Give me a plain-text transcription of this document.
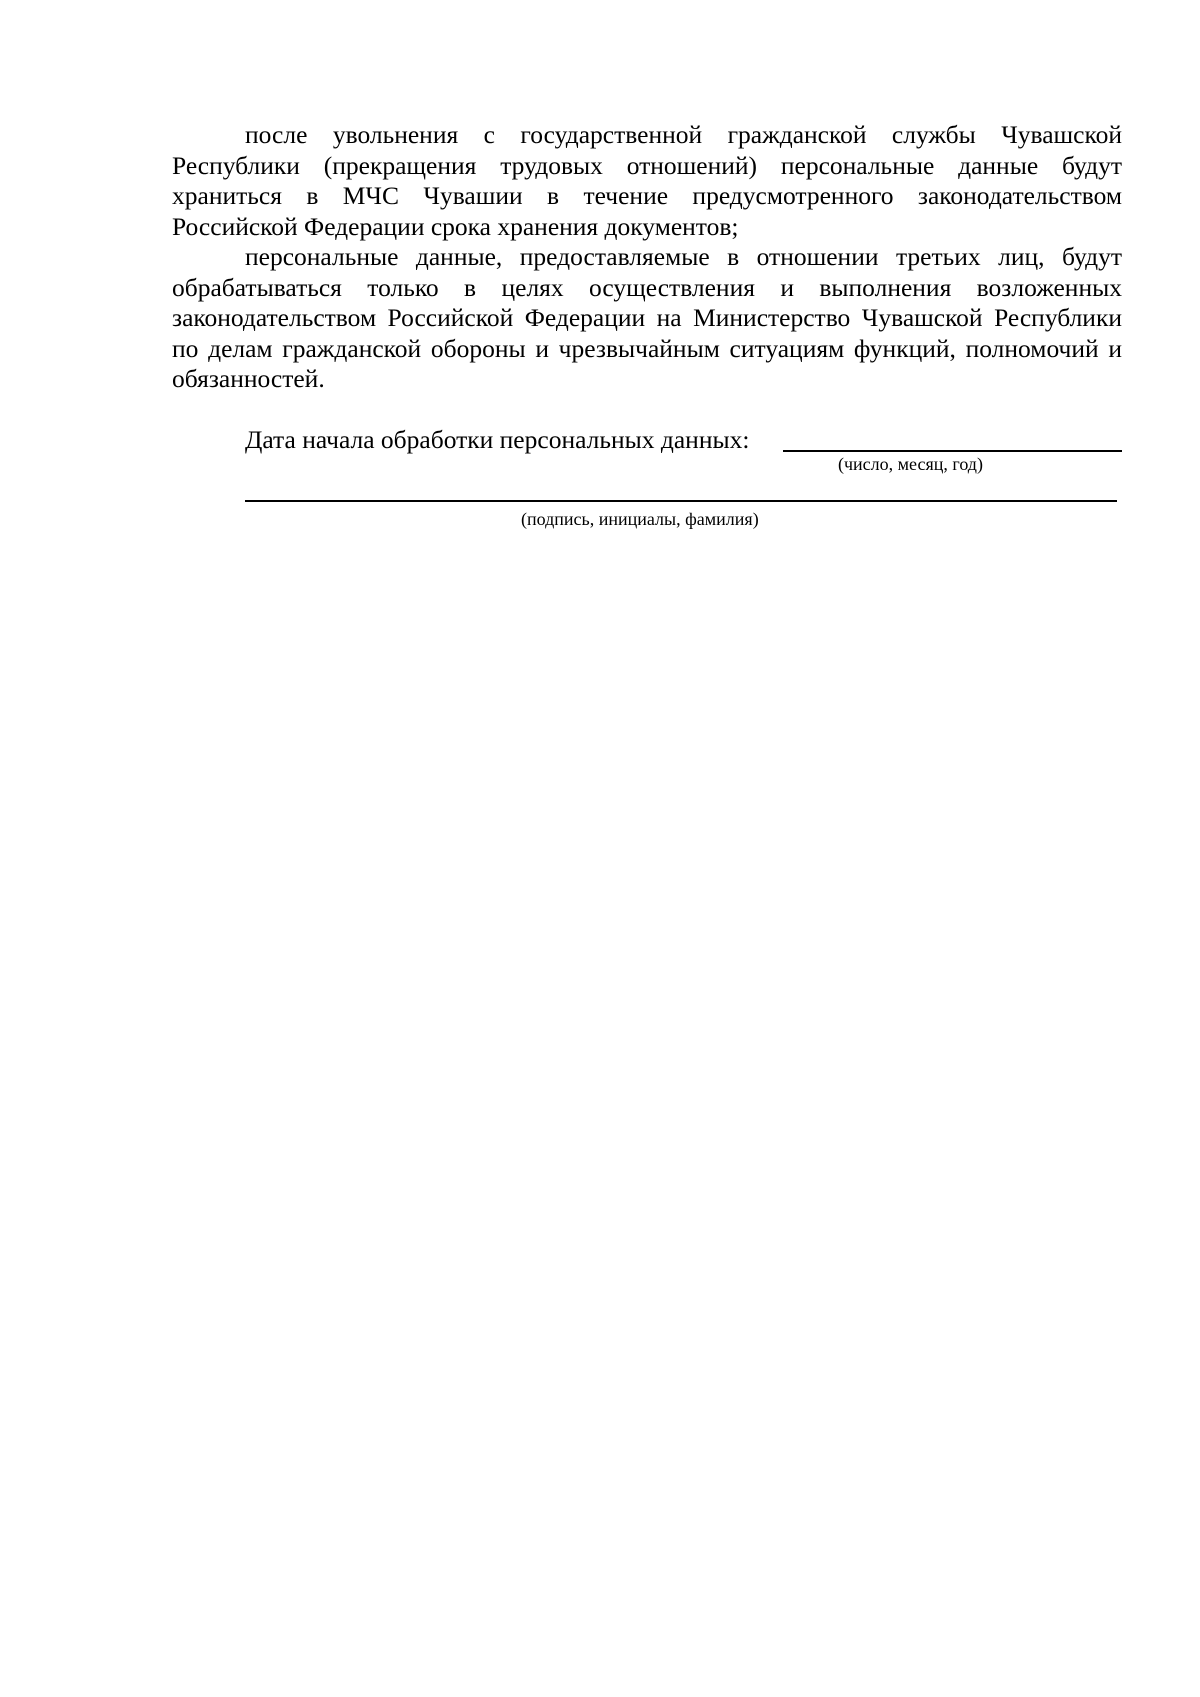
после увольнения с государственной гражданской службы Чувашской Республики (прекращения трудовых отношений) персональные данные будут храниться в МЧС Чувашии в течение предусмотренного законодательством Российской Федерации срока хранения документов;

персональные данные, предоставляемые в отношении третьих лиц, будут обрабатываться только в целях осуществления и выполнения возложенных законодательством Российской Федерации на Министерство Чувашской Республики по делам гражданской обороны и чрезвычайным ситуациям функций, полномочий и обязанностей.

Дата начала обработки персональных данных:
(число, месяц, год)
(подпись, инициалы, фамилия)
